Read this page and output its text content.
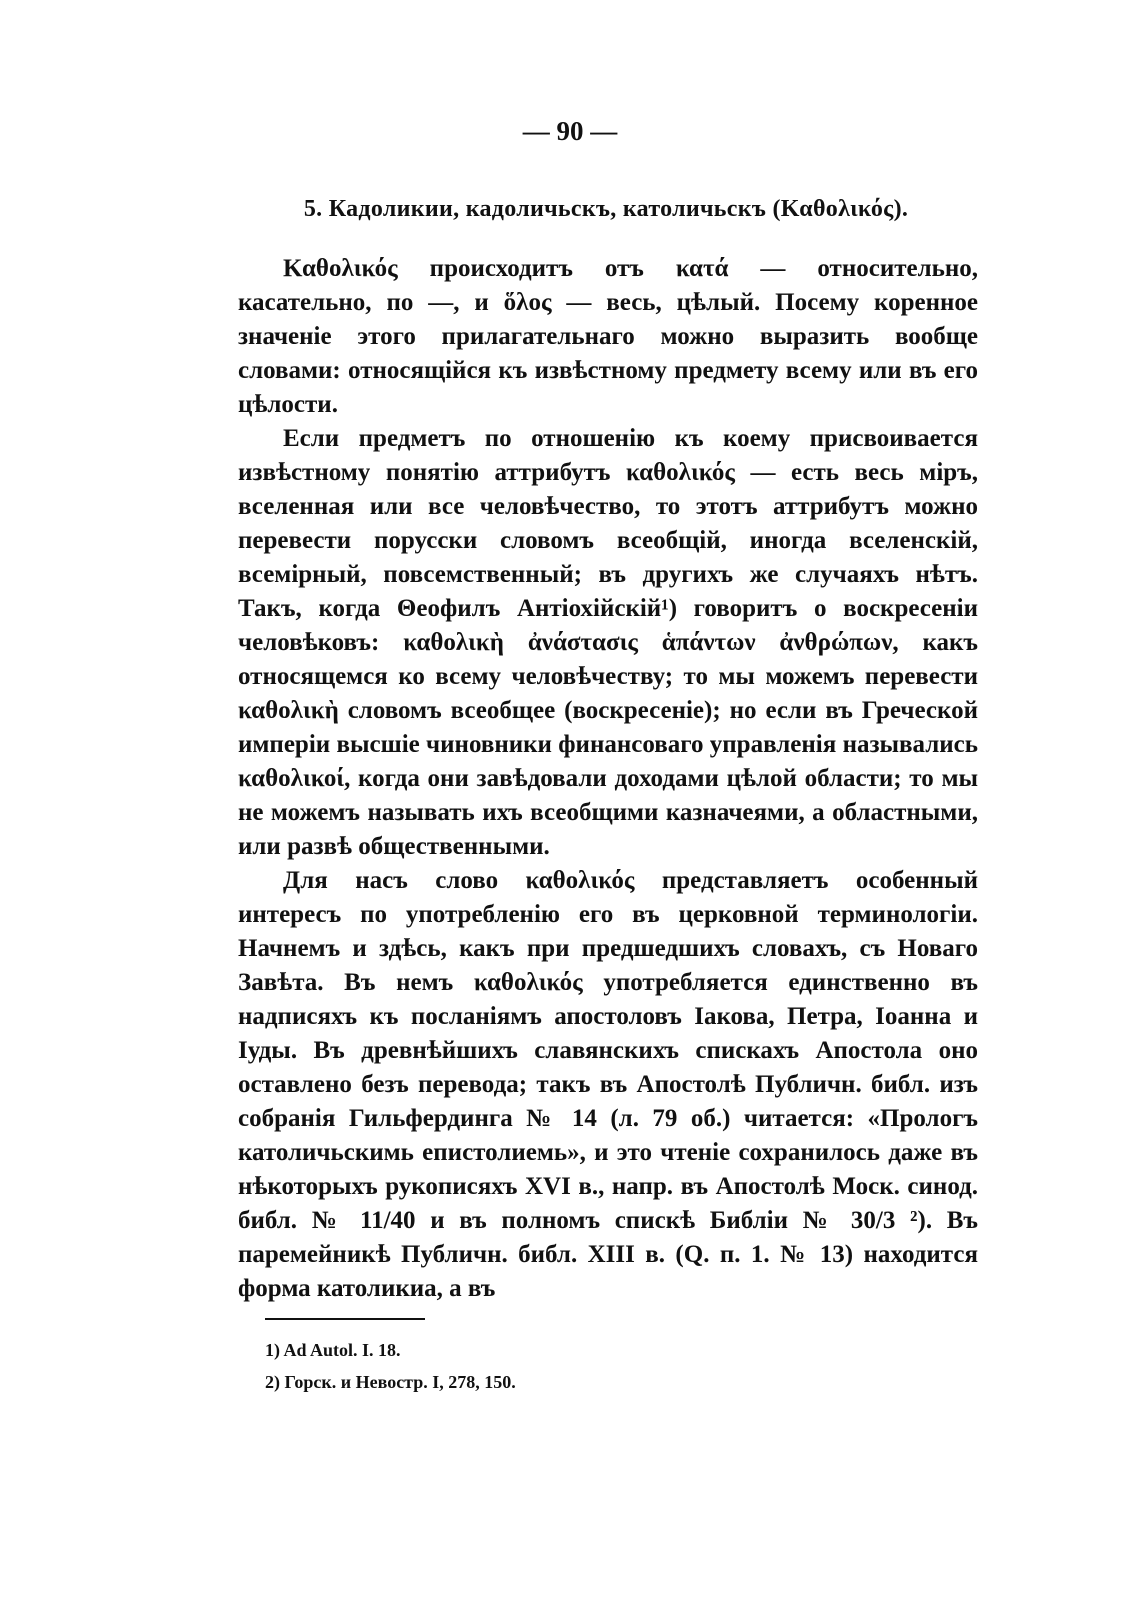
— 90 —
5. Кадоликии, кадоличьскъ, католичьскъ (Καθολικός).

Καθολικός происходитъ отъ κατά — относительно, касательно, по —, и ὅλος — весь, цѣлый. Посему коренное значеніе этого прилагательнаго можно выразить вообще словами: относящійся къ извѣстному предмету всему или въ его цѣлости.

Если предметъ по отношенію къ коему присвоивается извѣстному понятію аттрибутъ καθολικός — есть весь міръ, вселенная или все человѣчество, то этотъ аттрибутъ можно перевести порусски словомъ всеобщій, иногда вселенскій, всемірный, повсемственный; въ другихъ же случаяхъ нѣтъ. Такъ, когда Θеофилъ Антіохійскій¹) говоритъ о воскресеніи человѣковъ: καθολικὴ ἀνάστασις ἁπάντων ἀνθρώπων, какъ относящемся ко всему человѣчеству; то мы можемъ перевести καθολικὴ словомъ всеобщее (воскресеніе); но если въ Греческой имперіи высшіе чиновники финансоваго управленія назывались καθολικοί, когда они завѣдовали доходами цѣлой области; то мы не можемъ называть ихъ всеобщими казначеями, а областными, или развѣ общественными.

Для насъ слово καθολικός представляетъ особенный интересъ по употребленію его въ церковной терминологіи. Начнемъ и здѣсь, какъ при предшедшихъ словахъ, съ Новаго Завѣта. Въ немъ καθολικός употребляется единственно въ надписяхъ къ посланіямъ апостоловъ Іакова, Петра, Іоанна и Іуды. Въ древнѣйшихъ славянскихъ спискахъ Апостола оно оставлено безъ перевода; такъ въ Апостолѣ Публичн. библ. изъ собранія Гильфердинга № 14 (л. 79 об.) читается: «Прологъ католичьскимь епистолиемь», и это чтеніе сохранилось даже въ нѣкоторыхъ рукописяхъ XVI в., напр. въ Апостолѣ Моск. синод. библ. № 11/40 и въ полномъ спискѣ Библіи № 30/3 ²). Въ паремейникѣ Публичн. библ. XIII в. (Q. п. 1. № 13) находится форма католикиа, а въ

1) Ad Autol. I. 18.

2) Горск. и Невостр. I, 278, 150.
